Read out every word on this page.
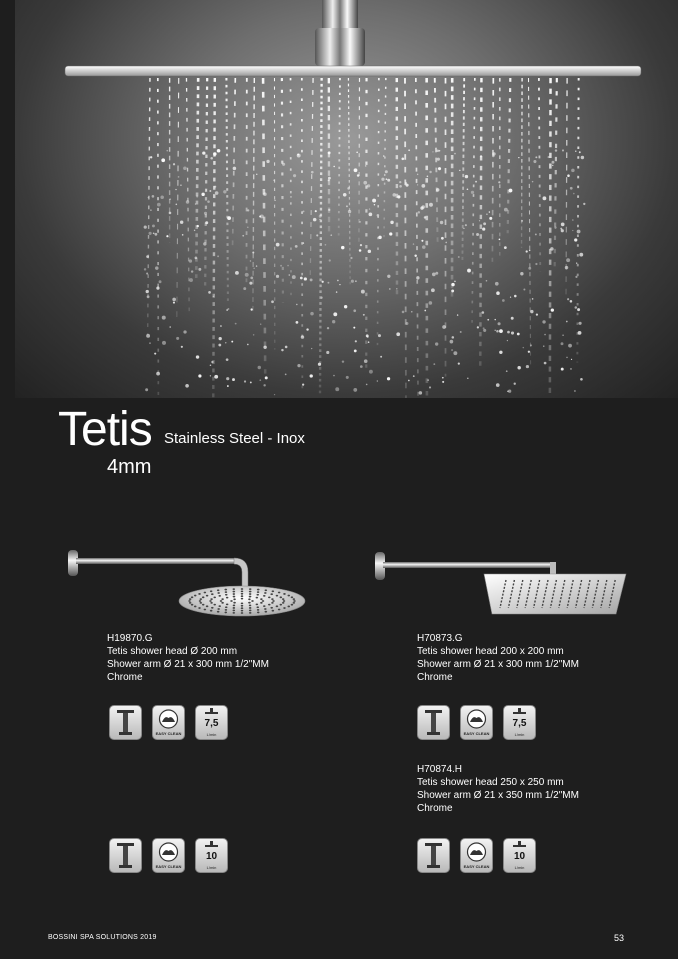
Tetis Stainless Steel - Inox
4mm
H19870.G
Tetis shower head Ø 200 mm
Shower arm Ø 21 x 300 mm 1/2"MM
Chrome
H70873.G
Tetis shower head 200 x 200 mm
Shower arm Ø 21 x 300 mm 1/2"MM
Chrome
H70874.H
Tetis shower head 250 x 250 mm
Shower arm Ø 21 x 350 mm 1/2"MM
Chrome
EASY CLEAN
7,5
L/min	EASY CLEAN
7,5
L/min
EASY CLEAN
10
L/min	EASY CLEAN
10
L/min
BOSSINI SPA SOLUTIONS 2019	53
